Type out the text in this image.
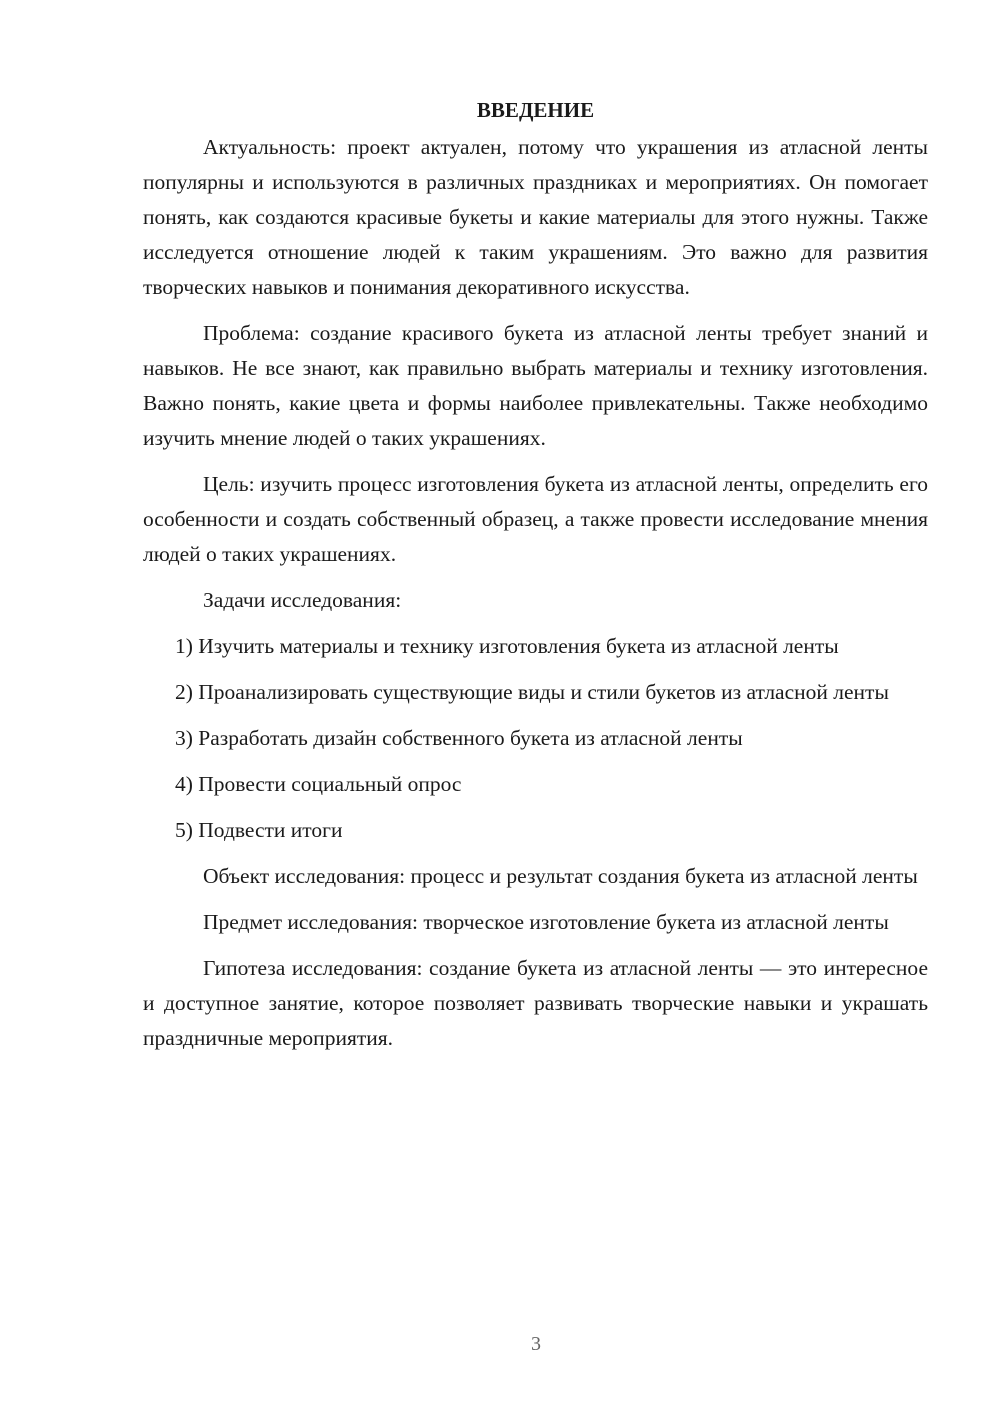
ВВЕДЕНИЕ

Актуальность: проект актуален, потому что украшения из атласной ленты популярны и используются в различных праздниках и мероприятиях. Он помогает понять, как создаются красивые букеты и какие материалы для этого нужны. Также исследуется отношение людей к таким украшениям. Это важно для развития творческих навыков и понимания декоративного искусства.

Проблема: создание красивого букета из атласной ленты требует знаний и навыков. Не все знают, как правильно выбрать материалы и технику изготовления. Важно понять, какие цвета и формы наиболее привлекательны. Также необходимо изучить мнение людей о таких украшениях.

Цель: изучить процесс изготовления букета из атласной ленты, определить его особенности и создать собственный образец, а также провести исследование мнения людей о таких украшениях.

Задачи исследования:

1) Изучить материалы и технику изготовления букета из атласной ленты

2) Проанализировать существующие виды и стили букетов из атласной ленты

3) Разработать дизайн собственного букета из атласной ленты

4) Провести социальный опрос

5) Подвести итоги

Объект исследования: процесс и результат создания букета из атласной ленты

Предмет исследования: творческое изготовление букета из атласной ленты

Гипотеза исследования: создание букета из атласной ленты — это интересное и доступное занятие, которое позволяет развивать творческие навыки и украшать праздничные мероприятия.

3
